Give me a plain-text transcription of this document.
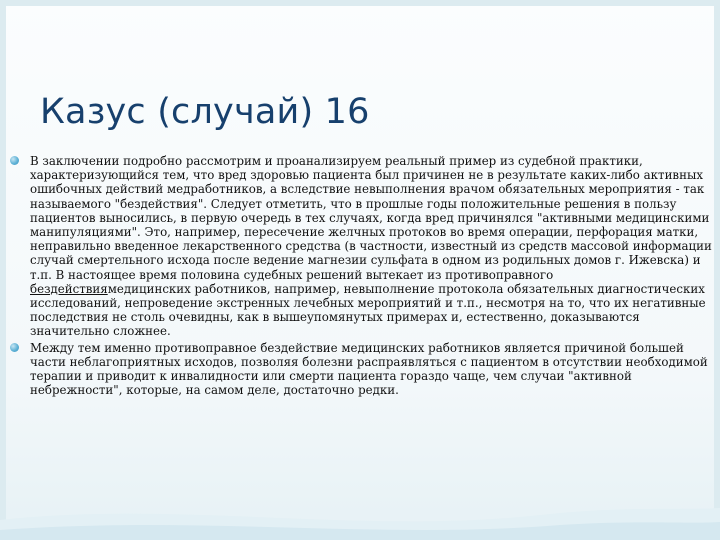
Казус (случай) 16

В заключении подробно рассмотрим и проанализируем реальный пример из судебной практики, характеризующийся тем, что вред здоровью пациента был причинен не в результате каких-либо активных ошибочных действий медработников, а вследствие невыполнения врачом обязательных мероприятия - так называемого "бездействия". Следует отметить, что в прошлые годы положительные решения в пользу пациентов выносились, в первую очередь в тех случаях, когда вред причинялся "активными медицинскими манипуляциями". Это, например, пересечение желчных протоков во время операции, перфорация матки, неправильно введенное лекарственного средства (в частности, известный из средств массовой информации случай смертельного исхода после ведение магнезии сульфата в одном из родильных домов г. Ижевска) и т.п. В настоящее время половина судебных решений вытекает из противоправного бездействиямедицинских работников, например, невыполнение протокола обязательных диагностических исследований, непроведение экстренных лечебных мероприятий и т.п., несмотря на то, что их негативные последствия не столь очевидны, как в вышеупомянутых примерах и, естественно, доказываются значительно сложнее.

Между тем именно противоправное бездействие медицинских работников является причиной большей части неблагоприятных исходов, позволяя болезни распраявляться с пациентом в отсутствии необходимой терапии и приводит к инвалидности или смерти пациента гораздо чаще, чем случаи "активной небрежности", которые, на самом деле, достаточно редки.
